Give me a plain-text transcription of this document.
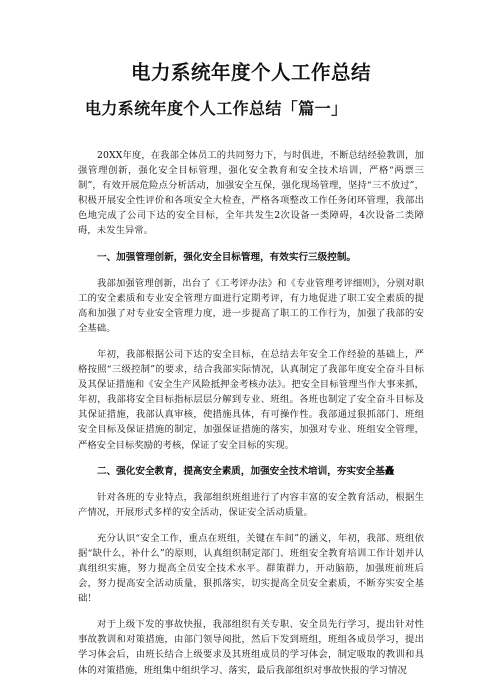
电力系统年度个人工作总结
电力系统年度个人工作总结「篇一」

20XX年度，在我部全体员工的共同努力下，与时俱进，不断总结经验教训，加强管理创新，强化安全目标管理，强化安全教育和安全技术培训，严格“两票三制”，有效开展危险点分析活动，加强安全互保，强化现场管理，坚持“三不放过”，积极开展安全性评价和各项安全大检查，严格各项整改工作任务闭环管理，我部出色地完成了公司下达的安全目标，全年共发生2次设备一类障碍，4次设备二类障碍，未发生异常。

一、加强管理创新，强化安全目标管理，有效实行三级控制。

我部加强管理创新，出台了《工考评办法》和《专业管理考评细则》，分别对职工的安全素质和专业安全管理方面进行定期考评，有力地促进了职工安全素质的提高和加强了对专业安全管理力度，进一步提高了职工的工作行为，加强了我部的安全基础。

年初，我部根据公司下达的安全目标，在总结去年安全工作经验的基础上，严格按照“三级控制”的要求，结合我部实际情况，认真制定了我部年度安全奋斗目标及其保证措施和《安全生产风险抵押金考核办法》。把安全目标管理当作大事来抓，年初，我部将安全目标指标层层分解到专业、班组。各班也制定了安全奋斗目标及其保证措施，我部认真审核，使措施具体，有可操作性。我部通过狠抓部门、班组安全目标及保证措施的制定，加强保证措施的落实，加强对专业、班组安全管理，严格安全目标奖励的考核，保证了安全目标的实现。

二、强化安全教育，提高安全素质，加强安全技术培训，夯实安全基矗

针对各班的专业特点，我部组织班组进行了内容丰富的安全教育活动，根据生产情况，开展形式多样的安全活动，保证安全活动质量。

充分认识“安全工作，重点在班组，关键在车间”的涵义，年初，我部、班组依据“缺什么，补什么”的原则，认真组织制定部门、班组安全教育培训工作计划并认真组织实施，努力提高全员安全技术水平。群策群力，开动脑筋，加强班前班后会，努力提高安全活动质量，狠抓落实，切实提高全员安全素质，不断夯实安全基础！

对于上级下发的事故快报，我部组织有关专职、安全员先行学习，提出针对性事故教训和对策措施，由部门领导阅批，然后下发到班组，班组各成员学习，提出学习体会后，由班长结合上级要求及其班组成员的学习体会，制定吸取的教训和具体的对策措施，班组集中组织学习、落实，最后我部组织对事故快报的学习情况
